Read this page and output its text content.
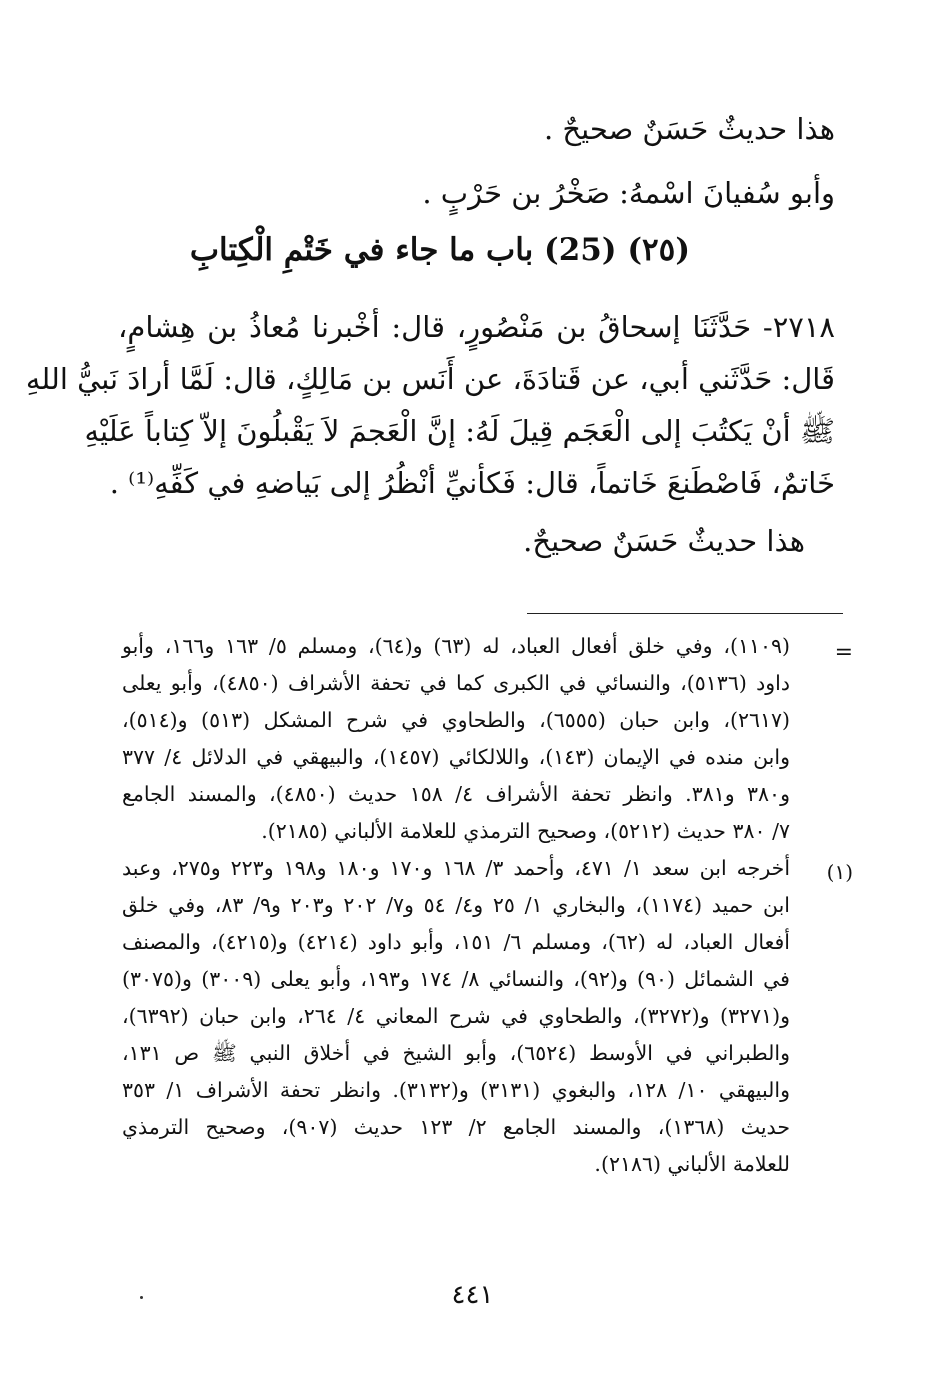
هذا حديثٌ حَسَنٌ صحيحٌ .
وأبو سُفيانَ اسْمهُ: صَخْرُ بن حَرْبٍ .
(٢٥) (25) باب ما جاء في خَتْمِ الْكِتابِ
٢٧١٨- حَدَّثَنَا إسحاقُ بن مَنْصُورٍ، قال: أخْبرنا مُعاذُ بن هِشامٍ،
قَال: حَدَّثَني أبي، عن قَتادَةَ، عن أَنَس بن مَالِكٍ، قال: لَمَّا أرادَ نَبيُّ اللهِ
ﷺ أنْ يَكتُبَ إلى الْعَجَم قِيلَ لَهُ: إنَّ الْعَجمَ لاَ يَقْبلُونَ إلاّ كِتاباً عَلَيْهِ
خَاتمٌ، فَاصْطَنعَ خَاتماً، قال: فَكأنيِّ أنْظُرُ إلى بَياضهِ في كَفِّهِ⁽¹⁾ .
هذا حديثٌ حَسَنٌ صحيحٌ.
=
(١١٠٩)، وفي خلق أفعال العباد، له (٦٣) و(٦٤)، ومسلم ٥/ ١٦٣ و١٦٦، وأبو
داود (٥١٣٦)، والنسائي في الكبرى كما في تحفة الأشراف (٤٨٥٠)، وأبو يعلى
(٢٦١٧)، وابن حبان (٦٥٥٥)، والطحاوي في شرح المشكل (٥١٣) و(٥١٤)،
وابن منده في الإيمان (١٤٣)، واللالكائي (١٤٥٧)، والبيهقي في الدلائل ٤/ ٣٧٧
و٣٨٠ و٣٨١. وانظر تحفة الأشراف ٤/ ١٥٨ حديث (٤٨٥٠)، والمسند الجامع
٧/ ٣٨٠ حديث (٥٢١٢)، وصحيح الترمذي للعلامة الألباني (٢١٨٥).
(١)
أخرجه ابن سعد ١/ ٤٧١، وأحمد ٣/ ١٦٨ و١٧٠ و١٨٠ و١٩٨ و٢٢٣ و٢٧٥، وعبد
ابن حميد (١١٧٤)، والبخاري ١/ ٢٥ و٤/ ٥٤ و٧/ ٢٠٢ و٢٠٣ و٩/ ٨٣، وفي خلق
أفعال العباد، له (٦٢)، ومسلم ٦/ ١٥١، وأبو داود (٤٢١٤) و(٤٢١٥)، والمصنف
في الشمائل (٩٠) و(٩٢)، والنسائي ٨/ ١٧٤ و١٩٣، وأبو يعلى (٣٠٠٩) و(٣٠٧٥)
و(٣٢٧١) و(٣٢٧٢)، والطحاوي في شرح المعاني ٤/ ٢٦٤، وابن حبان (٦٣٩٢)،
والطبراني في الأوسط (٦٥٢٤)، وأبو الشيخ في أخلاق النبي ﷺ ص ١٣١،
والبيهقي ١٠/ ١٢٨، والبغوي (٣١٣١) و(٣١٣٢). وانظر تحفة الأشراف ١/ ٣٥٣
حديث (١٣٦٨)، والمسند الجامع ٢/ ١٢٣ حديث (٩٠٧)، وصحيح الترمذي
للعلامة الألباني (٢١٨٦).
٤٤١
